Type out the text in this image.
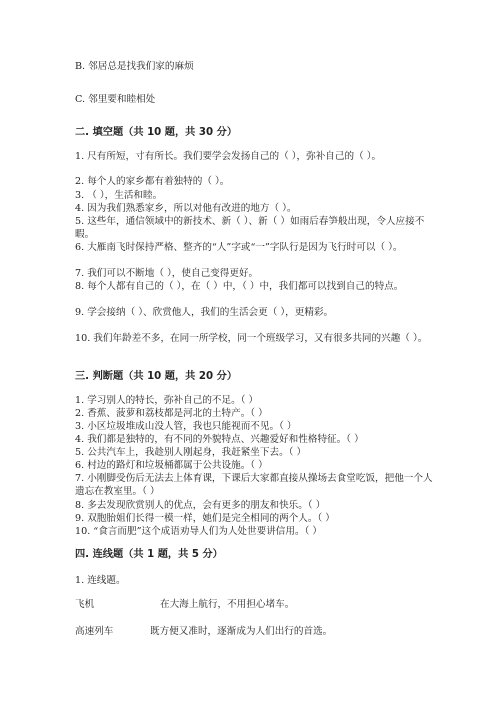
B. 邻居总是找我们家的麻烦
C. 邻里要和睦相处
二. 填空题（共 10 题，共 30 分）
1. 尺有所短，寸有所长。我们要学会发扬自己的（ ），弥补自己的（ ）。
2. 每个人的家乡都有着独特的（ ）。
3. （ ），生活和睦。
4. 因为我们熟悉家乡，所以对他有改进的地方（ ）。
5. 这些年，通信领域中的新技术、新（ ）、新（ ）如雨后春笋般出现，令人应接不暇。
6. 大雁南飞时保持严格、整齐的“人”字或“一”字队行是因为飞行时可以（ ）。
7. 我们可以不断地（ ），使自己变得更好。
8. 每个人都有自己的（ ），在（ ）中，（ ）中，我们都可以找到自己的特点。
9. 学会接纳（ ）、欣赏他人，我们的生活会更（ ），更精彩。
10. 我们年龄差不多，在同一所学校，同一个班级学习，又有很多共同的兴趣（ ）。
三. 判断题（共 10 题，共 20 分）
1. 学习别人的特长，弥补自己的不足。（ ）
2. 香蕉、菠萝和荔枝都是河北的土特产。（ ）
3. 小区垃圾堆成山没人管，我也只能视而不见。（ ）
4. 我们都是独特的，有不同的外貌特点、兴趣爱好和性格特征。（ ）
5. 公共汽车上，我趁别人刚起身，我赶紧坐下去。（ ）
6. 村边的路灯和垃圾桶都属于公共设施。（ ）
7. 小刚脚受伤后无法去上体育课，下课后大家都直接从操场去食堂吃饭，把他一个人遗忘在教室里。（ ）
8. 多去发现欣赏别人的优点，会有更多的朋友和快乐。（ ）
9. 双胞胎姐们长得一模一样，她们是完全相同的两个人。（ ）
10. “食言而肥”这个成语劝导人们为人处世要讲信用。（ ）
四. 连线题（共 1 题，共 5 分）
1. 连线题。
飞机	在大海上航行，不用担心堵车。
高速列车	既方便又准时，逐渐成为人们出行的首选。
